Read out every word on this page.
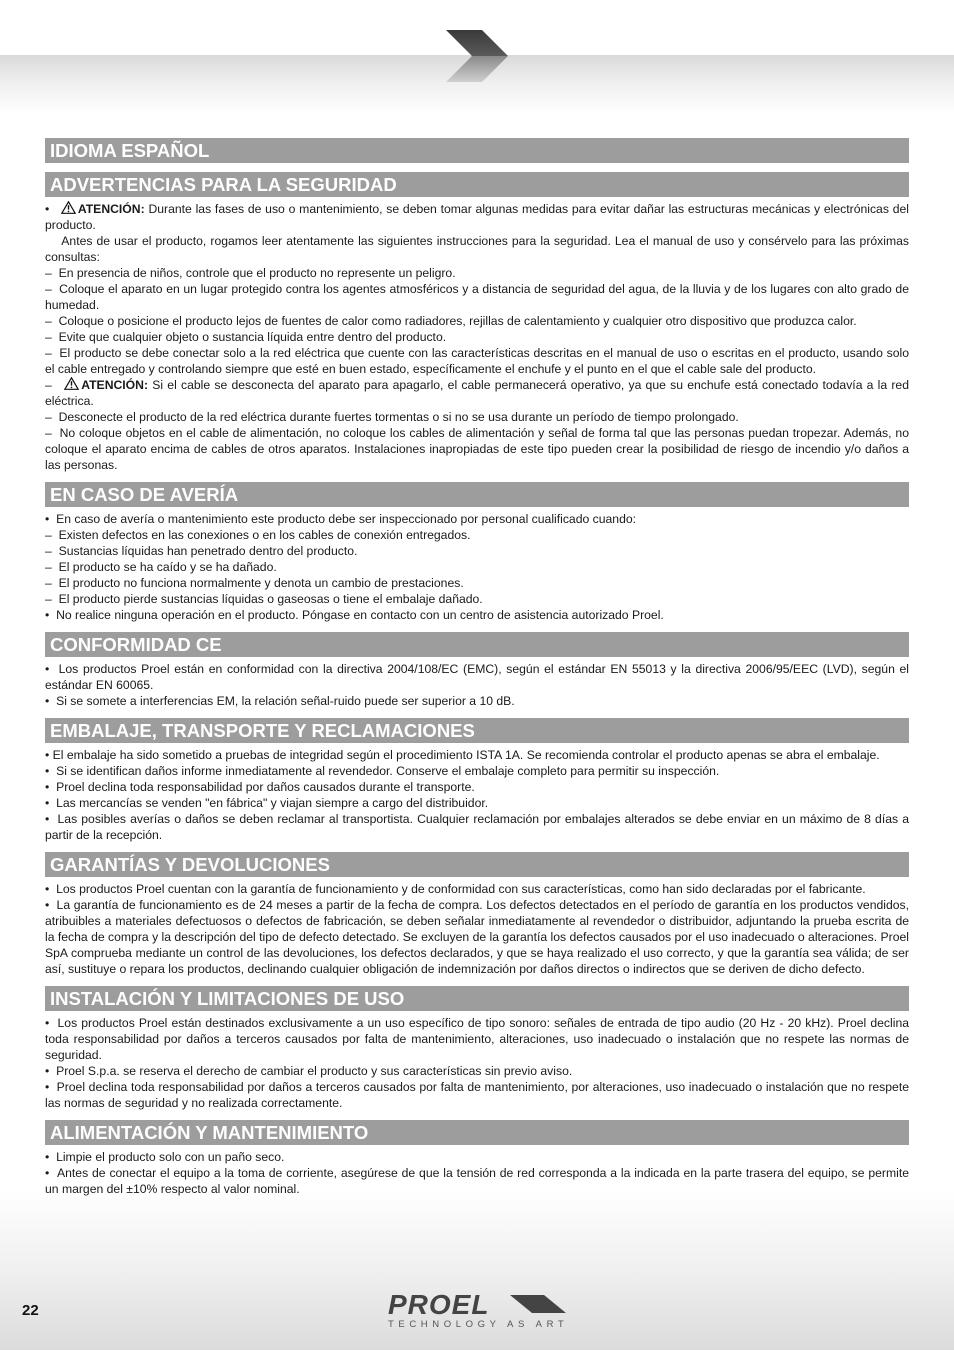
IDIOMA ESPAÑOL
ADVERTENCIAS PARA LA SEGURIDAD

• ATENCIÓN: Durante las fases de uso o mantenimiento, se deben tomar algunas medidas para evitar dañar las estructuras mecánicas y electrónicas del producto.

Antes de usar el producto, rogamos leer atentamente las siguientes instrucciones para la seguridad. Lea el manual de uso y consérvelo para las próximas consultas:

– En presencia de niños, controle que el producto no represente un peligro.

– Coloque el aparato en un lugar protegido contra los agentes atmosféricos y a distancia de seguridad del agua, de la lluvia y de los lugares con alto grado de humedad.

– Coloque o posicione el producto lejos de fuentes de calor como radiadores, rejillas de calentamiento y cualquier otro dispositivo que produzca calor.

– Evite que cualquier objeto o sustancia líquida entre dentro del producto.

– El producto se debe conectar solo a la red eléctrica que cuente con las características descritas en el manual de uso o escritas en el producto, usando solo el cable entregado y controlando siempre que esté en buen estado, específicamente el enchufe y el punto en el que el cable sale del producto.

– ATENCIÓN: Si el cable se desconecta del aparato para apagarlo, el cable permanecerá operativo, ya que su enchufe está conectado todavía a la red eléctrica.

– Desconecte el producto de la red eléctrica durante fuertes tormentas o si no se usa durante un período de tiempo prolongado.

– No coloque objetos en el cable de alimentación, no coloque los cables de alimentación y señal de forma tal que las personas puedan tropezar. Además, no coloque el aparato encima de cables de otros aparatos. Instalaciones inapropiadas de este tipo pueden crear la posibilidad de riesgo de incendio y/o daños a las personas.

EN CASO DE AVERÍA

• En caso de avería o mantenimiento este producto debe ser inspeccionado por personal cualificado cuando:

– Existen defectos en las conexiones o en los cables de conexión entregados.

– Sustancias líquidas han penetrado dentro del producto.

– El producto se ha caído y se ha dañado.

– El producto no funciona normalmente y denota un cambio de prestaciones.

– El producto pierde sustancias líquidas o gaseosas o tiene el embalaje dañado.

• No realice ninguna operación en el producto. Póngase en contacto con un centro de asistencia autorizado Proel.

CONFORMIDAD CE

• Los productos Proel están en conformidad con la directiva 2004/108/EC (EMC), según el estándar EN 55013 y la directiva 2006/95/EEC (LVD), según el estándar EN 60065.

• Si se somete a interferencias EM, la relación señal-ruido puede ser superior a 10 dB.

EMBALAJE, TRANSPORTE Y RECLAMACIONES

• El embalaje ha sido sometido a pruebas de integridad según el procedimiento ISTA 1A. Se recomienda controlar el producto apenas se abra el embalaje.

• Si se identifican daños informe inmediatamente al revendedor. Conserve el embalaje completo para permitir su inspección.

• Proel declina toda responsabilidad por daños causados durante el transporte.

• Las mercancías se venden "en fábrica" y viajan siempre a cargo del distribuidor.

• Las posibles averías o daños se deben reclamar al transportista. Cualquier reclamación por embalajes alterados se debe enviar en un máximo de 8 días a partir de la recepción.

GARANTÍAS Y DEVOLUCIONES

• Los productos Proel cuentan con la garantía de funcionamiento y de conformidad con sus características, como han sido declaradas por el fabricante.

• La garantía de funcionamiento es de 24 meses a partir de la fecha de compra. Los defectos detectados en el período de garantía en los productos vendidos, atribuibles a materiales defectuosos o defectos de fabricación, se deben señalar inmediatamente al revendedor o distribuidor, adjuntando la prueba escrita de la fecha de compra y la descripción del tipo de defecto detectado. Se excluyen de la garantía los defectos causados por el uso inadecuado o alteraciones. Proel SpA comprueba mediante un control de las devoluciones, los defectos declarados, y que se haya realizado el uso correcto, y que la garantía sea válida; de ser así, sustituye o repara los productos, declinando cualquier obligación de indemnización por daños directos o indirectos que se deriven de dicho defecto.

INSTALACIÓN Y LIMITACIONES DE USO

• Los productos Proel están destinados exclusivamente a un uso específico de tipo sonoro: señales de entrada de tipo audio (20 Hz - 20 kHz). Proel declina toda responsabilidad por daños a terceros causados por falta de mantenimiento, alteraciones, uso inadecuado o instalación que no respete las normas de seguridad.

• Proel S.p.a. se reserva el derecho de cambiar el producto y sus características sin previo aviso.

• Proel declina toda responsabilidad por daños a terceros causados por falta de mantenimiento, por alteraciones, uso inadecuado o instalación que no respete las normas de seguridad y no realizada correctamente.

ALIMENTACIÓN Y MANTENIMIENTO

• Limpie el producto solo con un paño seco.

• Antes de conectar el equipo a la toma de corriente, asegúrese de que la tensión de red corresponda a la indicada en la parte trasera del equipo, se permite un margen del ±10% respecto al valor nominal.

22	PROEL
TECHNOLOGY AS ART
